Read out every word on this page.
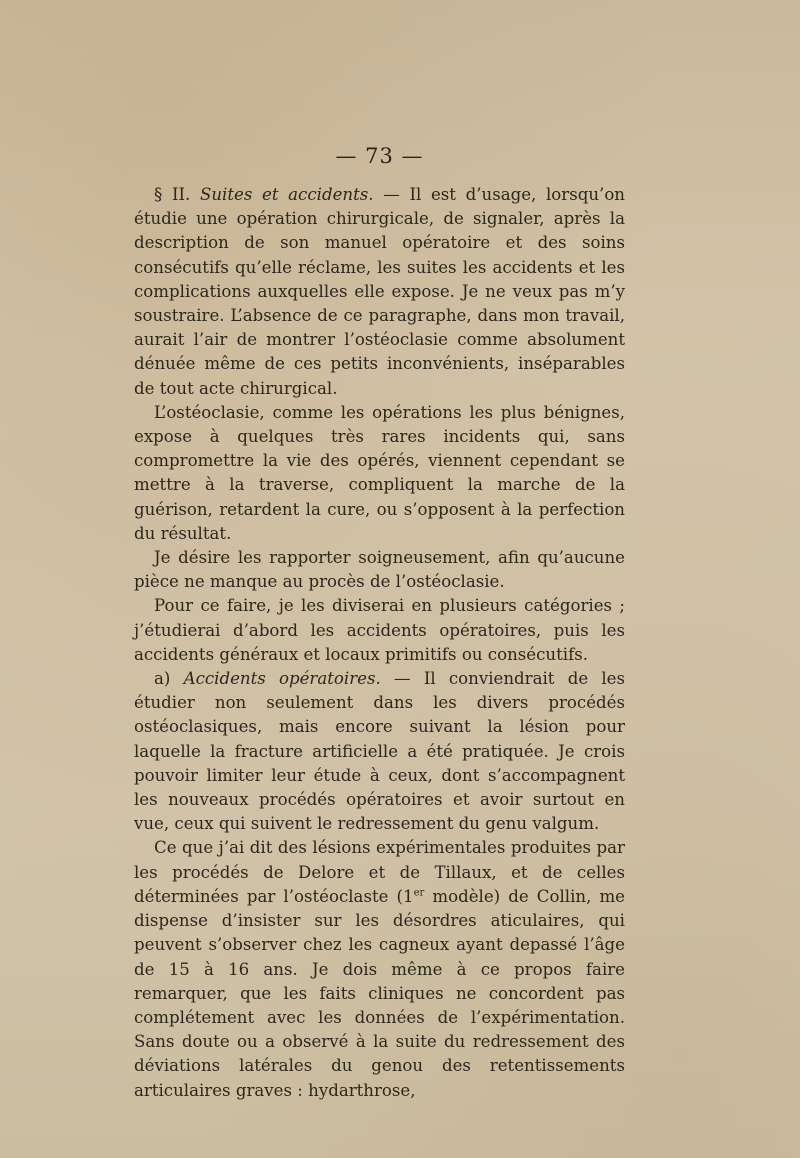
— 73 —

§ II. Suites et accidents. — Il est d’usage, lorsqu’on étudie une opération chirurgicale, de signaler, après la description de son manuel opératoire et des soins consécutifs qu’elle réclame, les suites les accidents et les complications auxquelles elle expose. Je ne veux pas m’y soustraire. L’absence de ce paragraphe, dans mon travail, aurait l’air de montrer l’ostéoclasie comme absolument dénuée même de ces petits inconvénients, inséparables de tout acte chirurgical.

L’ostéoclasie, comme les opérations les plus bénignes, expose à quelques très rares incidents qui, sans compromettre la vie des opérés, viennent cependant se mettre à la traverse, compliquent la marche de la guérison, retardent la cure, ou s’opposent à la perfection du résultat.

Je désire les rapporter soigneusement, afin qu’aucune pièce ne manque au procès de l’ostéoclasie.

Pour ce faire, je les diviserai en plusieurs catégories ; j’étudierai d’abord les accidents opératoires, puis les accidents généraux et locaux primitifs ou consécutifs.

a) Accidents opératoires. — Il conviendrait de les étudier non seulement dans les divers procédés ostéoclasiques, mais encore suivant la lésion pour laquelle la fracture artificielle a été pratiquée. Je crois pouvoir limiter leur étude à ceux, dont s’accompagnent les nouveaux procédés opératoires et avoir surtout en vue, ceux qui suivent le redressement du genu valgum.

Ce que j’ai dit des lésions expérimentales produites par les procédés de Delore et de Tillaux, et de celles déterminées par l’ostéoclaste (1er modèle) de Collin, me dispense d’insister sur les désordres aticulaires, qui peuvent s’observer chez les cagneux ayant depassé l’âge de 15 à 16 ans. Je dois même à ce propos faire remarquer, que les faits cliniques ne concordent pas complétement avec les données de l’expérimentation. Sans doute ou a observé à la suite du redressement des déviations latérales du genou des retentissements articulaires graves : hydarthrose,
